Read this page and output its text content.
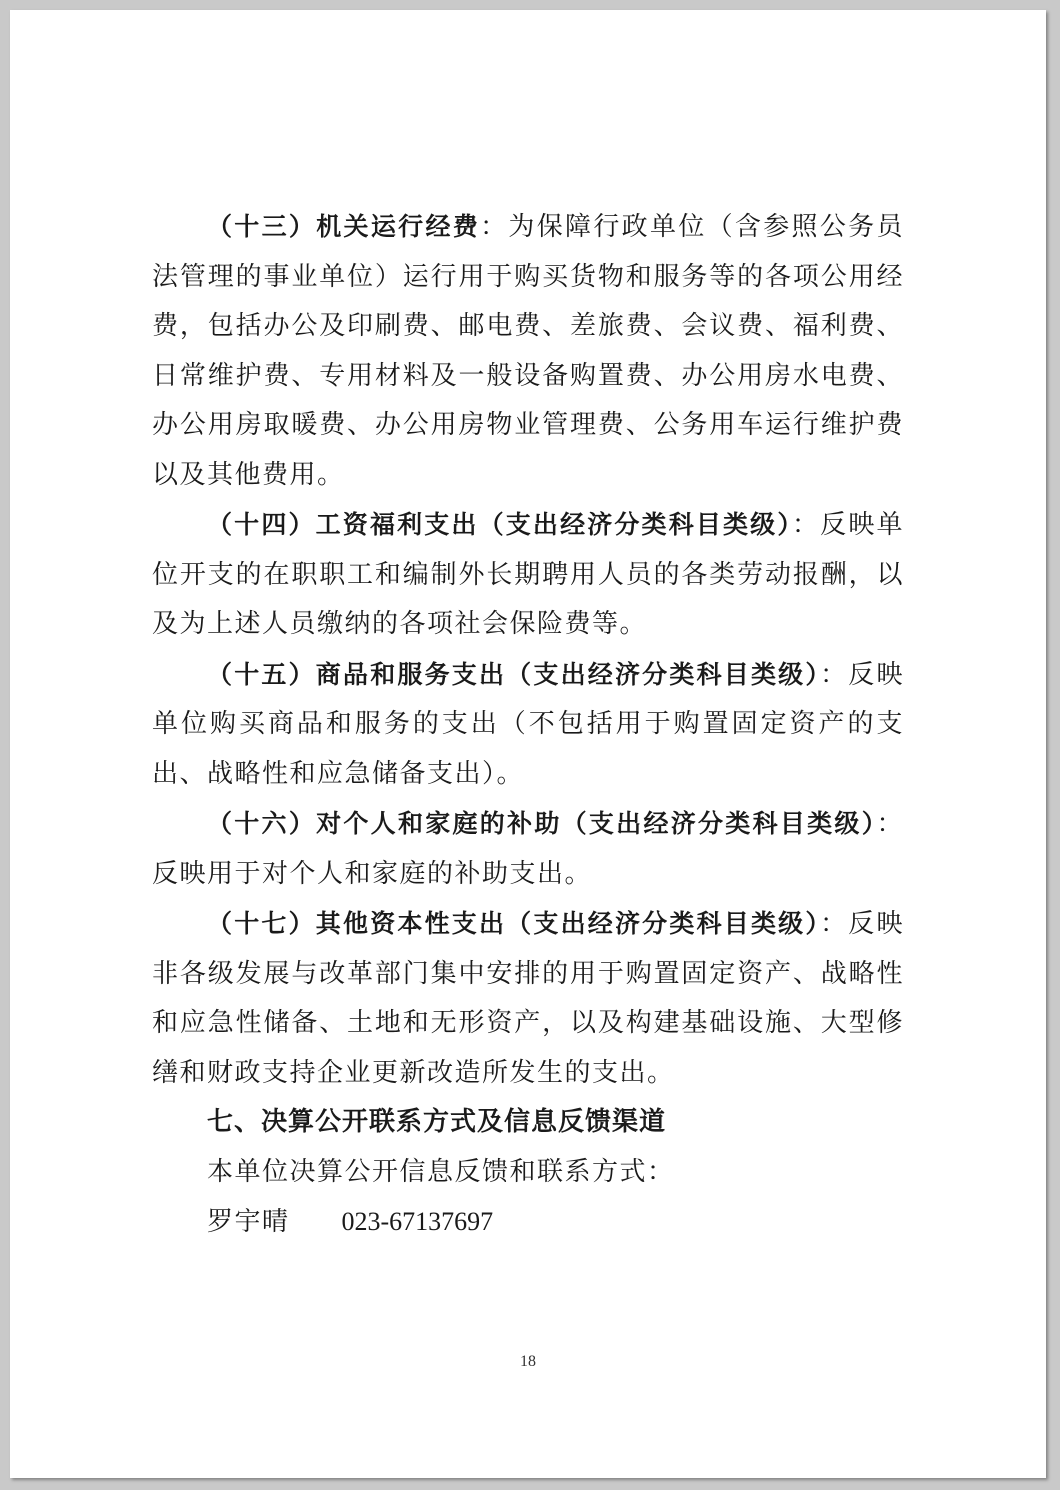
（十三）机关运行经费：为保障行政单位（含参照公务员法管理的事业单位）运行用于购买货物和服务等的各项公用经费，包括办公及印刷费、邮电费、差旅费、会议费、福利费、日常维护费、专用材料及一般设备购置费、办公用房水电费、办公用房取暖费、办公用房物业管理费、公务用车运行维护费以及其他费用。

（十四）工资福利支出（支出经济分类科目类级）：反映单位开支的在职职工和编制外长期聘用人员的各类劳动报酬，以及为上述人员缴纳的各项社会保险费等。

（十五）商品和服务支出（支出经济分类科目类级）：反映单位购买商品和服务的支出（不包括用于购置固定资产的支出、战略性和应急储备支出）。

（十六）对个人和家庭的补助（支出经济分类科目类级）：反映用于对个人和家庭的补助支出。

（十七）其他资本性支出（支出经济分类科目类级）：反映非各级发展与改革部门集中安排的用于购置固定资产、战略性和应急性储备、土地和无形资产，以及构建基础设施、大型修缮和财政支持企业更新改造所发生的支出。

七、决算公开联系方式及信息反馈渠道

本单位决算公开信息反馈和联系方式：

罗宇晴 023-67137697

18
